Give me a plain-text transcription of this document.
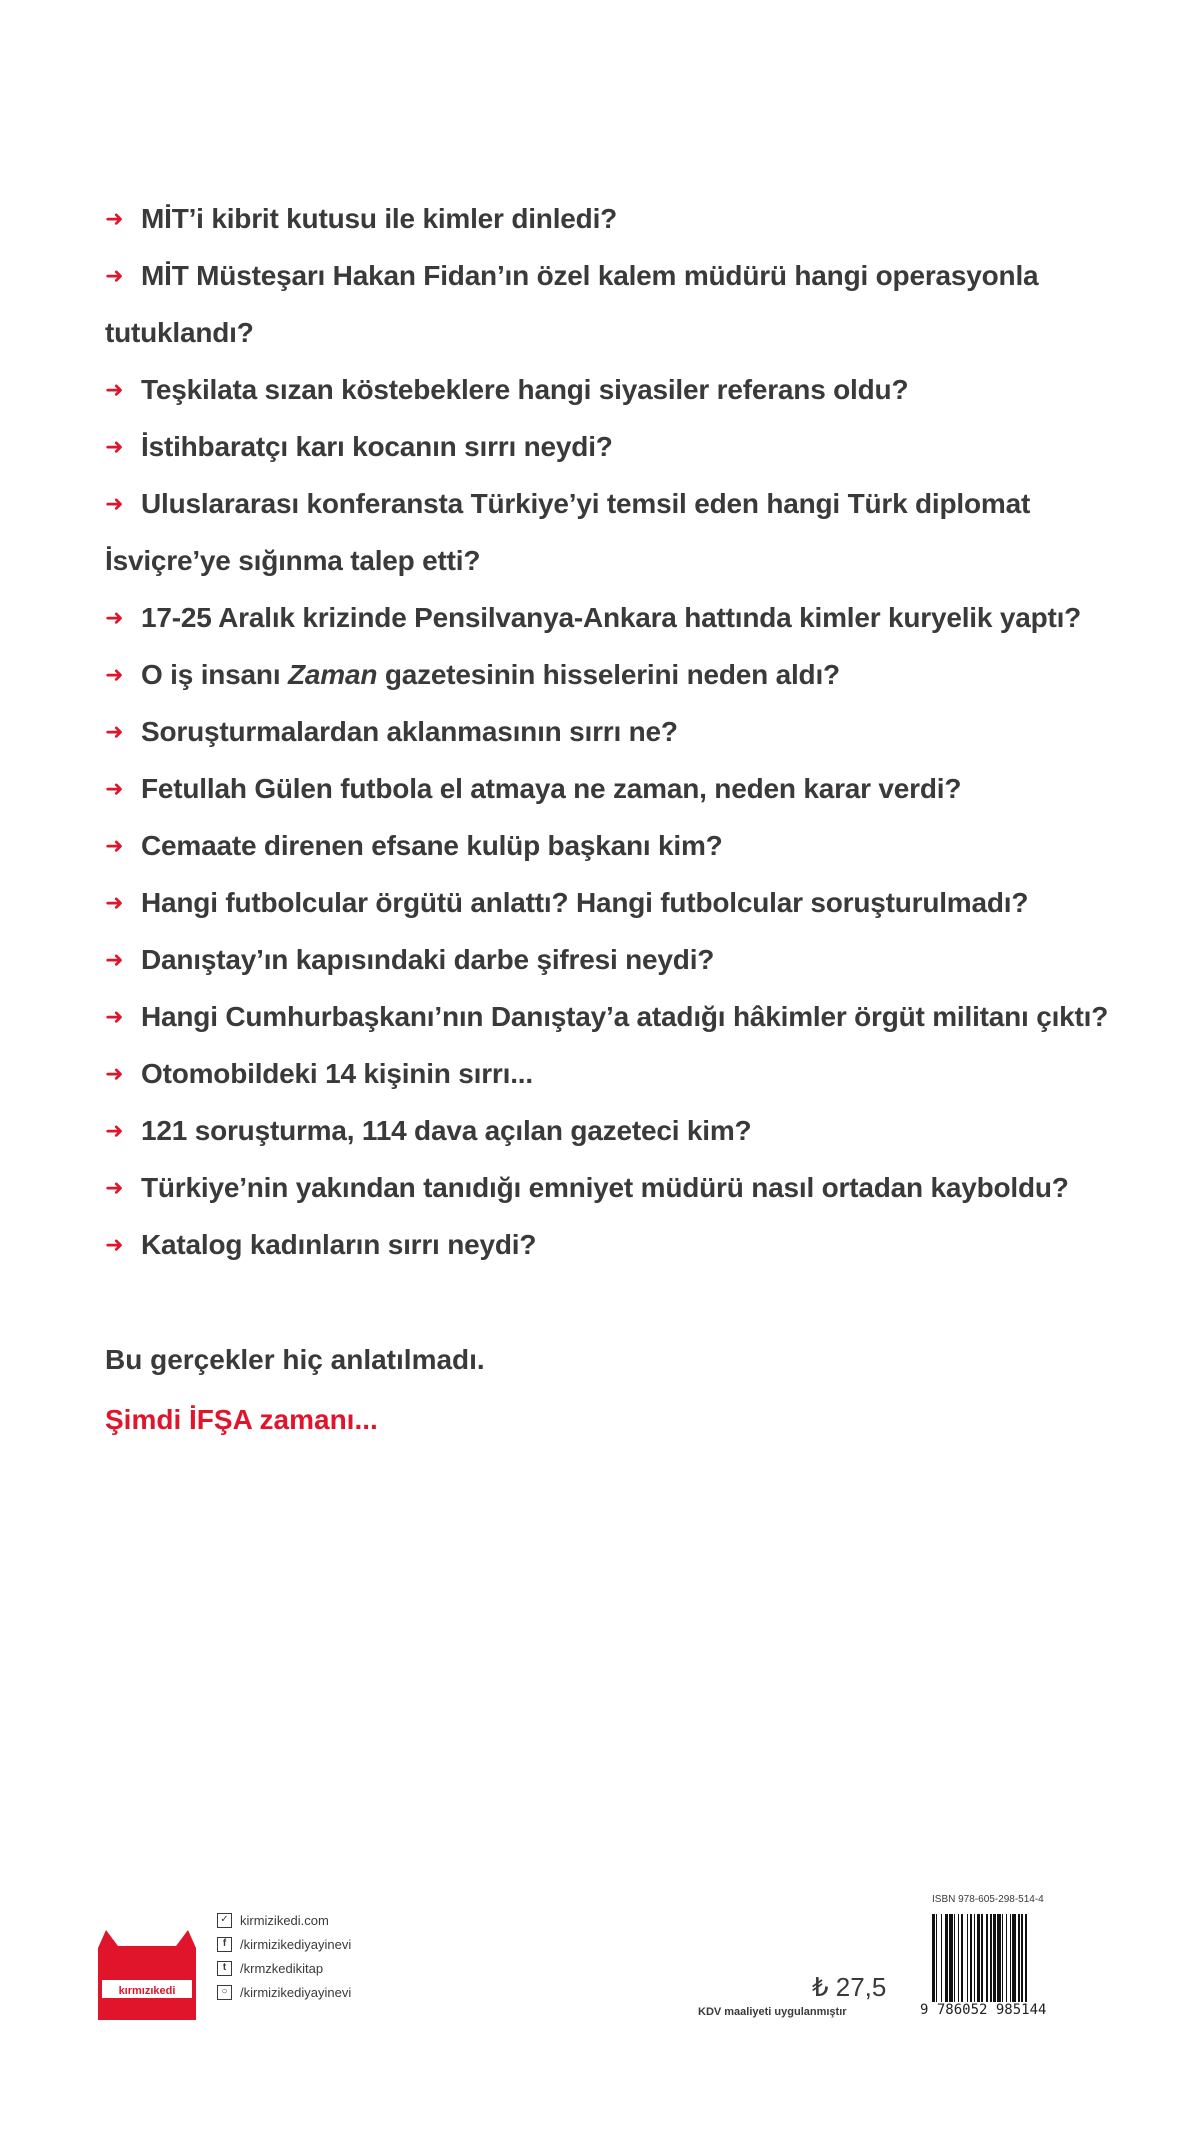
➜ MİT’i kibrit kutusu ile kimler dinledi?
➜ MİT Müsteşarı Hakan Fidan’ın özel kalem müdürü hangi operasyonla
tutuklandı?
➜ Teşkilata sızan köstebeklere hangi siyasiler referans oldu?
➜ İstihbaratçı karı kocanın sırrı neydi?
➜ Uluslararası konferansta Türkiye’yi temsil eden hangi Türk diplomat
İsviçre’ye sığınma talep etti?
➜ 17-25 Aralık krizinde Pensilvanya-Ankara hattında kimler kuryelik yaptı?
➜ O iş insanı Zaman gazetesinin hisselerini neden aldı?
➜ Soruşturmalardan aklanmasının sırrı ne?
➜ Fetullah Gülen futbola el atmaya ne zaman, neden karar verdi?
➜ Cemaate direnen efsane kulüp başkanı kim?
➜ Hangi futbolcular örgütü anlattı? Hangi futbolcular soruşturulmadı?
➜ Danıştay’ın kapısındaki darbe şifresi neydi?
➜ Hangi Cumhurbaşkanı’nın Danıştay’a atadığı hâkimler örgüt militanı çıktı?
➜ Otomobildeki 14 kişinin sırrı...
➜ 121 soruşturma, 114 dava açılan gazeteci kim?
➜ Türkiye’nin yakından tanıdığı emniyet müdürü nasıl ortadan kayboldu?
➜ Katalog kadınların sırrı neydi?
Bu gerçekler hiç anlatılmadı.
Şimdi İFŞA zamanı...
kırmızıkedi
✓ kirmizikedi.com
f	/kirmizikediyayinevi
t	/krmzkedikitap
○ /kirmizikediyayinevi	₺ 27,5
KDV maaliyeti uygulanmıştır
ISBN 978-605-298-514-4
9 786052 985144
